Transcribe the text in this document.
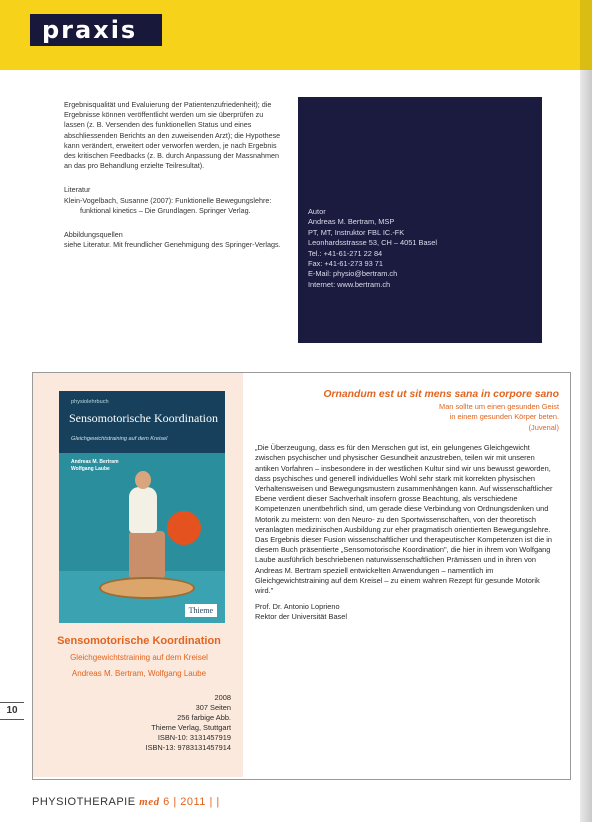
praxis

Ergebnisqualität und Evaluierung der Patientenzufriedenheit); die Ergebnisse können veröffentlicht werden um sie überprüfen zu lassen (z. B. Versenden des funktionellen Status und eines abschliessenden Berichts an den zuweisenden Arzt); die Hypothese kann verändert, erweitert oder verworfen werden, je nach Ergebnis des kritischen Feedbacks (z. B. durch Anpassung der Massnahmen an das pro Behandlung erzielte Teilresultat).

Literatur

Klein-Vogelbach, Susanne (2007): Funktionelle Bewegungslehre: funktional kinetics – Die Grundlagen. Springer Verlag.

Abbildungsquellen

siehe Literatur. Mit freundlicher Genehmigung des Springer-Verlags.

Autor
Andreas M. Bertram, MSP
PT, MT, Instruktor FBL IC.-FK
Leonhardsstrasse 53, CH – 4051 Basel
Tel.: +41-61-271 22 84
Fax: +41-61-273 93 71
E-Mail: physio@bertram.ch
Internet: www.bertram.ch
physiolehrbuch
Sensomotorische Koordination
Gleichgewichtstraining auf dem Kreisel
Andreas M. Bertram
Wolfgang Laube
Thieme
Sensomotorische Koordination
Gleichgewichtstraining auf dem Kreisel
Andreas M. Bertram, Wolfgang Laube
2008
307 Seiten
256 farbige Abb.
Thieme Verlag, Stuttgart
ISBN-10: 3131457919
ISBN-13: 9783131457914
Ornandum est ut sit mens sana in corpore sano
Man sollte um einen gesunden Geist
in einem gesunden Körper beten.
(Juvenal)

„Die Überzeugung, dass es für den Menschen gut ist, ein gelungenes Gleichgewicht zwischen psychischer und physischer Gesundheit anzustreben, teilen wir mit unseren antiken Vorfahren – insbesondere in der westlichen Kultur sind wir uns bewusst geworden, dass psychisches und generell individuelles Wohl sehr stark mit korrekten physischen Verhaltensweisen und Bewegungsmustern zusammenhängen kann. Auf wissenschaftlicher Ebene verdient dieser Sachverhalt insofern grosse Beachtung, als verschiedene Kompetenzen unentbehrlich sind, um gerade diese Verbindung von Ordnungsdenken und Motorik zu meistern: von den Neuro- zu den Sportwissenschaften, von der theoretisch veranlagten medizinischen Ausbildung zur eher pragmatisch orientierten Bewegungslehre.

Das Ergebnis dieser Fusion wissenschaftlicher und therapeutischer Kompetenzen ist die in diesem Buch präsentierte „Sensomotorische Koordination", die hier in ihrem von Wolfgang Laube ausführlich beschriebenen naturwissenschaftlichen Prämissen und in ihren von Andreas M. Bertram speziell entwickelten Anwendungen – namentlich im Gleichgewichtstraining auf dem Kreisel – zu einem wahren Rezept für gesunde Motorik wird."

Prof. Dr. Antonio Loprieno
Rektor der Universität Basel
10
PHYSIOTHERAPIE med 6 | 2011 | |
